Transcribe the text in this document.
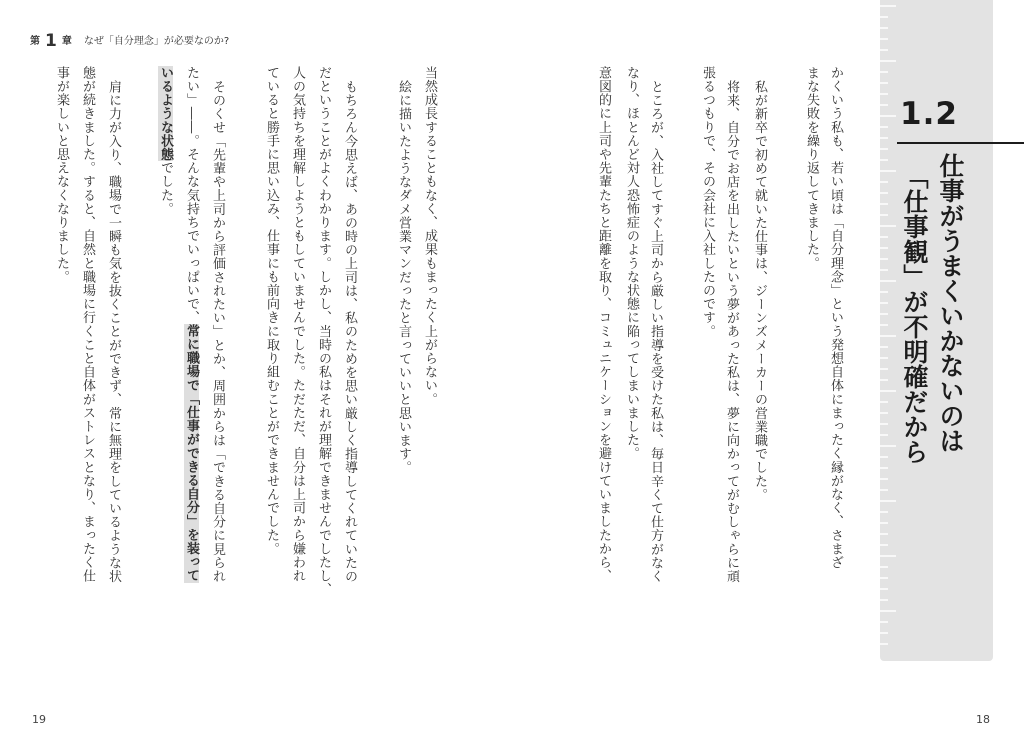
第 1 章 なぜ「自分理念」が必要なのか?
1.2
仕事がうまくいかないのは
「仕事観」が不明確だから
かくいう私も、若い頃は「自分理念」という発想自体にまったく縁がなく、さまざ
まな失敗を繰り返してきました。
私が新卒で初めて就いた仕事は、ジーンズメーカーの営業職でした。
将来、自分でお店を出したいという夢があった私は、夢に向かってがむしゃらに頑
張るつもりで、その会社に入社したのです。
ところが、入社してすぐ上司から厳しい指導を受けた私は、毎日辛くて仕方がなく
なり、ほとんど対人恐怖症のような状態に陥ってしまいました。
意図的に上司や先輩たちと距離を取り、コミュニケーションを避けていましたから、
当然成長することもなく、成果もまったく上がらない。
絵に描いたようなダメ営業マンだったと言っていいと思います。
もちろん今思えば、あの時の上司は、私のためを思い厳しく指導してくれていたの
だということがよくわかります。しかし、当時の私はそれが理解できませんでしたし、
人の気持ちを理解しようともしていませんでした。ただただ、自分は上司から嫌われ
ていると勝手に思い込み、仕事にも前向きに取り組むことができませんでした。
そのくせ「先輩や上司から評価されたい」とか、周囲からは「できる自分に見られ
たい」――。そんな気持ちでいっぱいで、常に職場で「仕事ができる自分」を装って
いるような状態でした。
肩に力が入り、職場で一瞬も気を抜くことができず、常に無理をしているような状
態が続きました。すると、自然と職場に行くこと自体がストレスとなり、まったく仕
事が楽しいと思えなくなりました。
19	18
